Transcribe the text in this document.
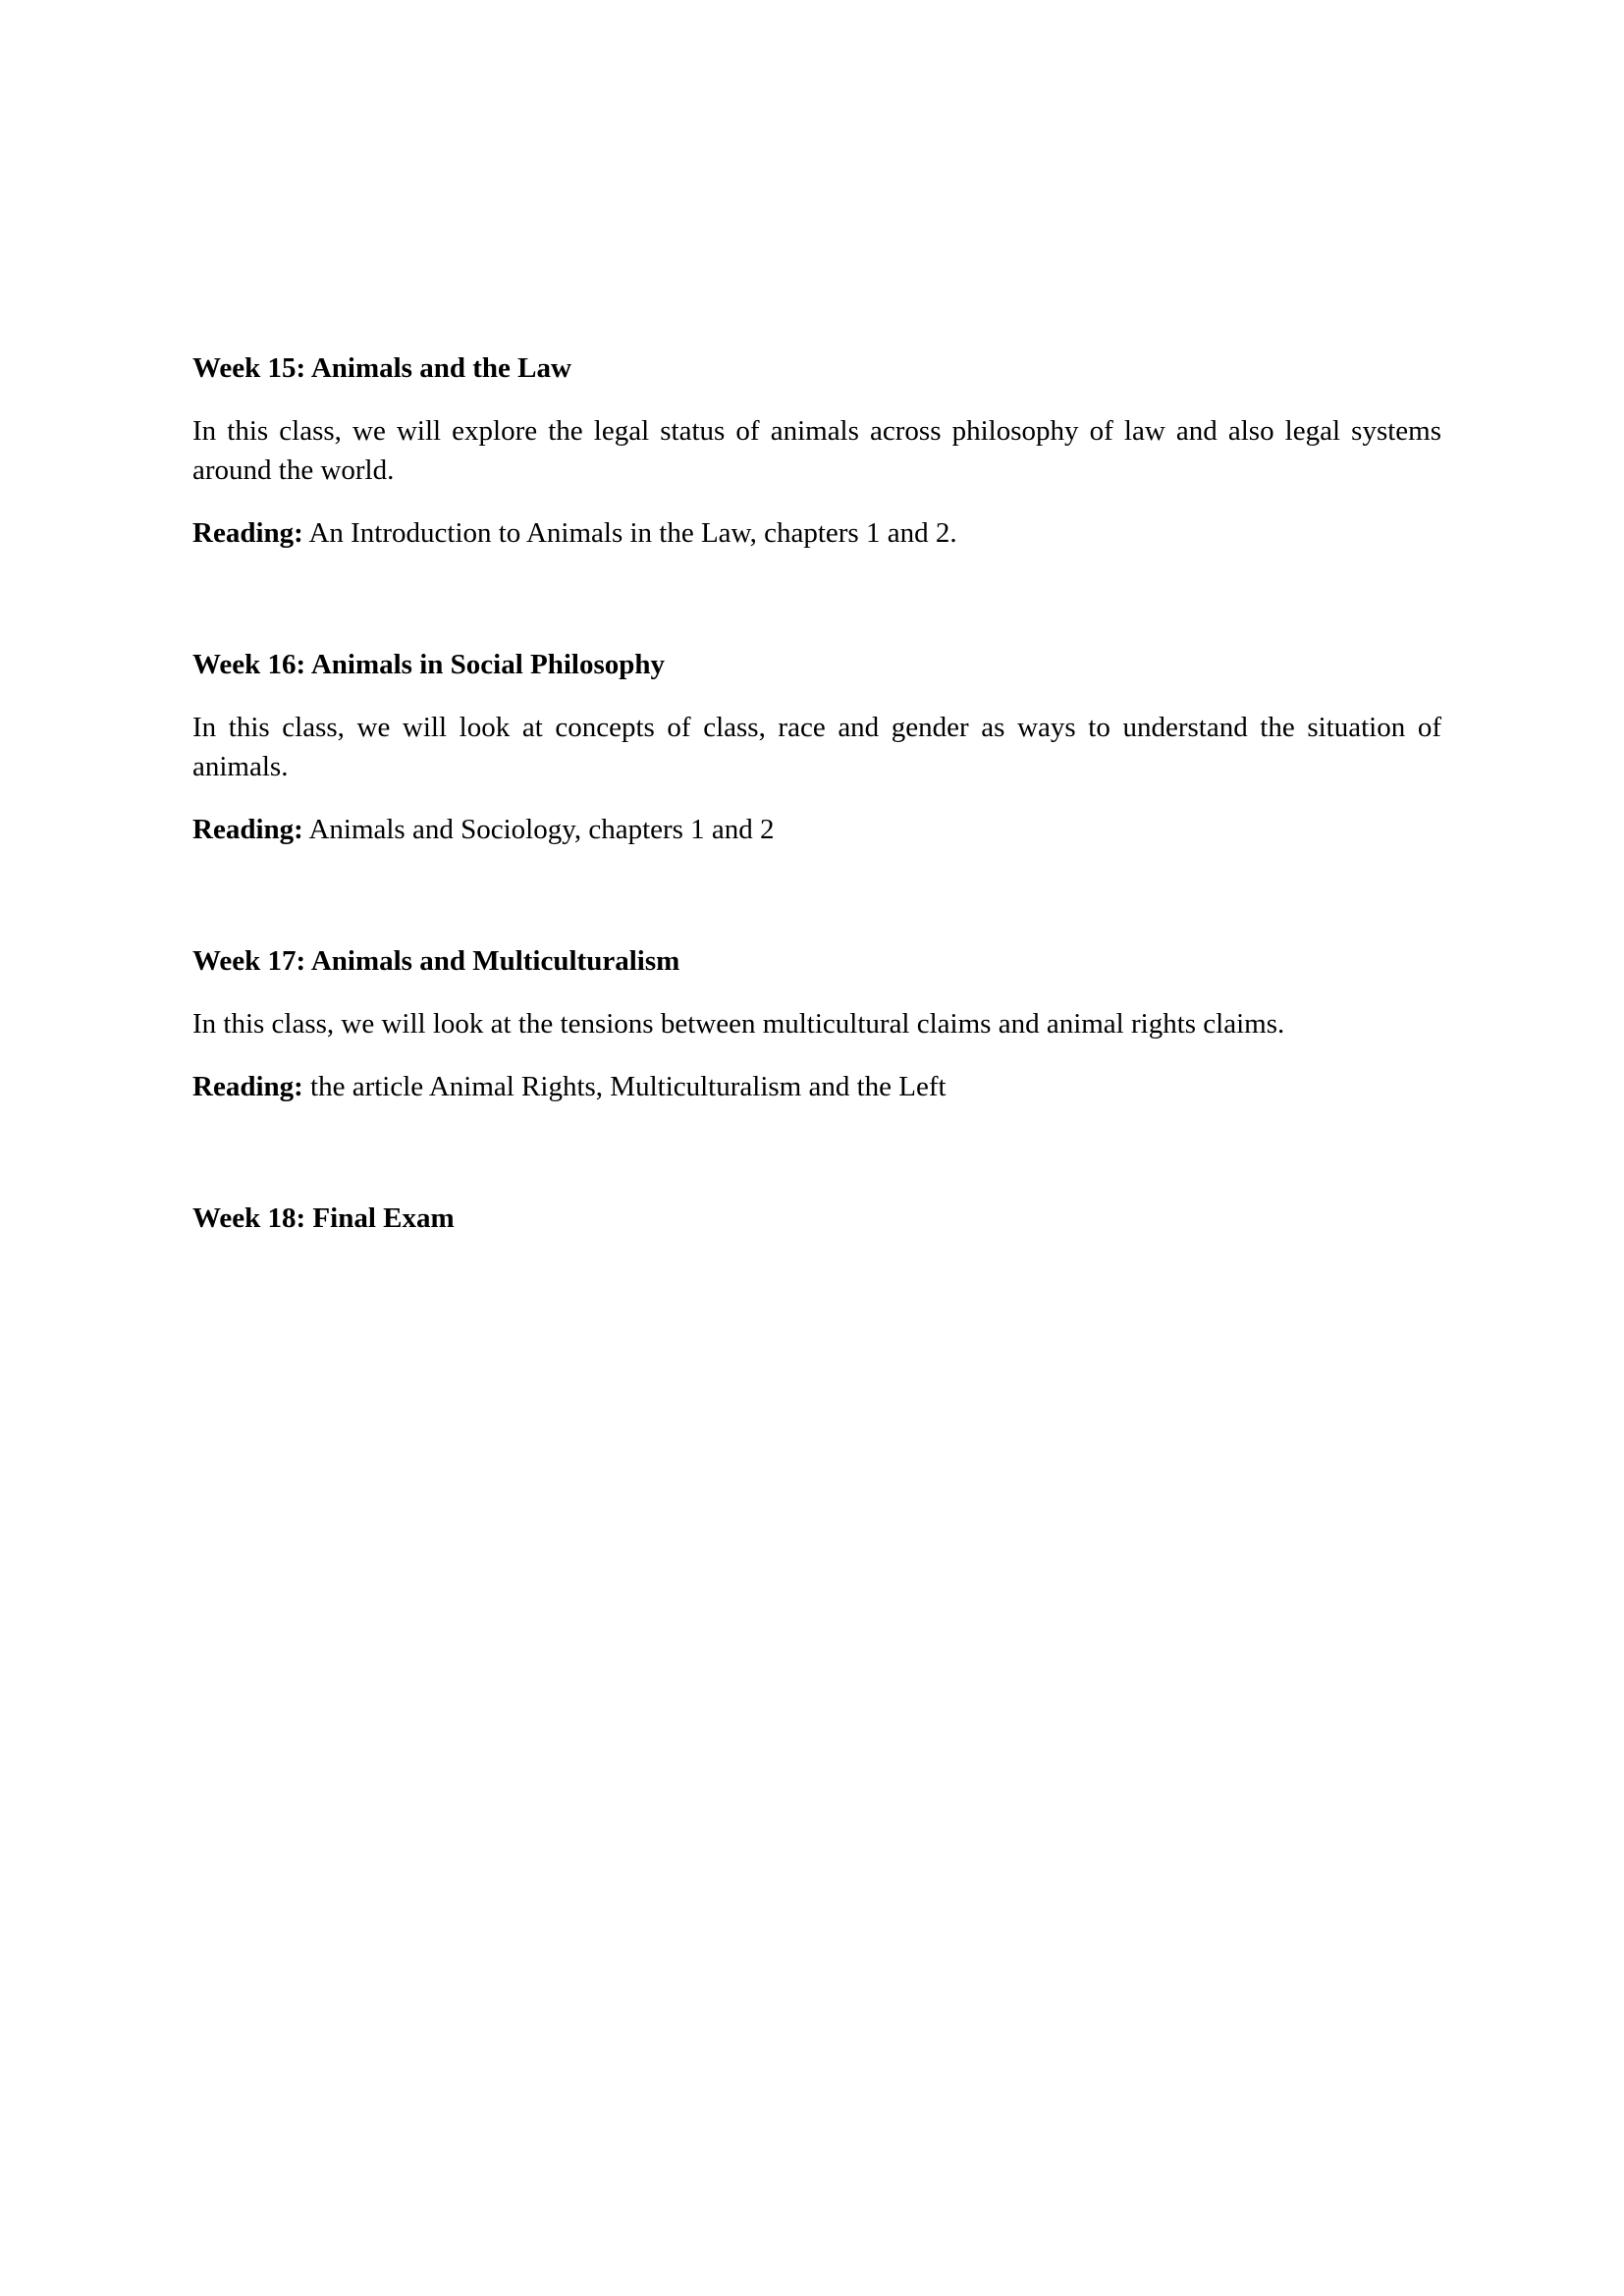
Week 15: Animals and the Law

In this class, we will explore the legal status of animals across philosophy of law and also legal systems around the world.

Reading: An Introduction to Animals in the Law, chapters 1 and 2.

Week 16: Animals in Social Philosophy

In this class, we will look at concepts of class, race and gender as ways to understand the situation of animals.

Reading: Animals and Sociology, chapters 1 and 2

Week 17: Animals and Multiculturalism

In this class, we will look at the tensions between multicultural claims and animal rights claims.

Reading: the article Animal Rights, Multiculturalism and the Left

Week 18: Final Exam
